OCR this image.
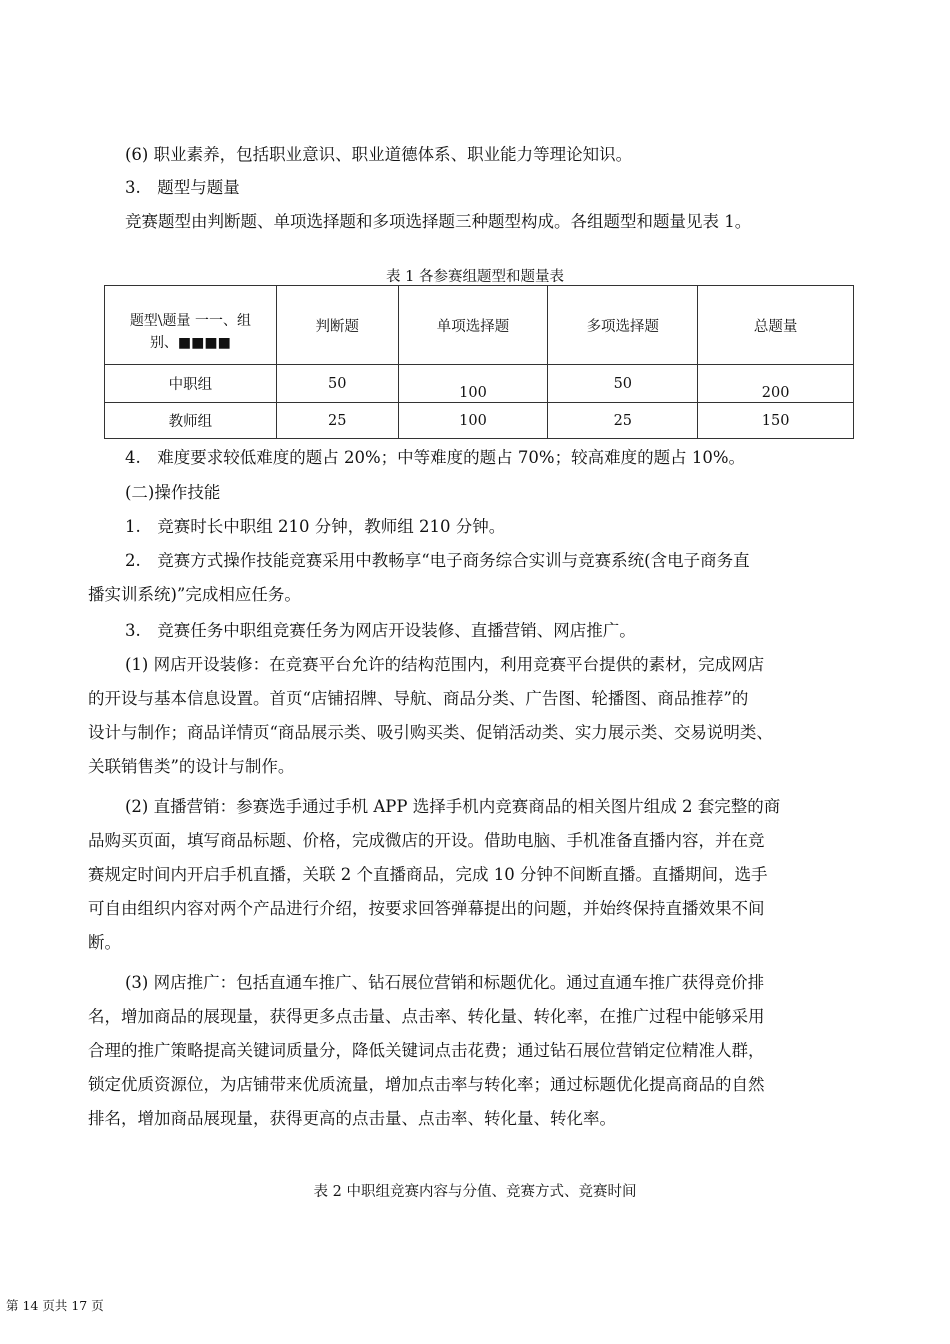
(6) 职业素养，包括职业意识、职业道德体系、职业能力等理论知识。
3.　题型与题量
竞赛题型由判断题、单项选择题和多项选择题三种题型构成。各组题型和题量见表 1。
表 1 各参赛组题型和题量表
题型\题量 一一、组
别、■■■■	判断题	单项选择题	多项选择题	总题量
中职组	50	100	50	200
教师组	25	100	25	150
4.　难度要求较低难度的题占 20%；中等难度的题占 70%；较高难度的题占 10%。
(二)操作技能
1.　竞赛时长中职组 210 分钟，教师组 210 分钟。
2.　竞赛方式操作技能竞赛采用中教畅享“电子商务综合实训与竞赛系统(含电子商务直
播实训系统)”完成相应任务。
3.　竞赛任务中职组竞赛任务为网店开设装修、直播营销、网店推广。
(1) 网店开设装修：在竞赛平台允许的结构范围内，利用竞赛平台提供的素材，完成网店
的开设与基本信息设置。首页“店铺招牌、导航、商品分类、广告图、轮播图、商品推荐”的
设计与制作；商品详情页“商品展示类、吸引购买类、促销活动类、实力展示类、交易说明类、
关联销售类”的设计与制作。
(2) 直播营销：参赛选手通过手机 APP 选择手机内竞赛商品的相关图片组成 2 套完整的商
品购买页面，填写商品标题、价格，完成微店的开设。借助电脑、手机准备直播内容，并在竞
赛规定时间内开启手机直播，关联 2 个直播商品，完成 10 分钟不间断直播。直播期间，选手
可自由组织内容对两个产品进行介绍，按要求回答弹幕提出的问题，并始终保持直播效果不间
断。
(3) 网店推广：包括直通车推广、钻石展位营销和标题优化。通过直通车推广获得竞价排
名，增加商品的展现量，获得更多点击量、点击率、转化量、转化率，在推广过程中能够采用
合理的推广策略提高关键词质量分，降低关键词点击花费；通过钻石展位营销定位精准人群，
锁定优质资源位，为店铺带来优质流量，增加点击率与转化率；通过标题优化提高商品的自然
排名，增加商品展现量，获得更高的点击量、点击率、转化量、转化率。
表 2 中职组竞赛内容与分值、竞赛方式、竞赛时间
第 14 页共 17 页
